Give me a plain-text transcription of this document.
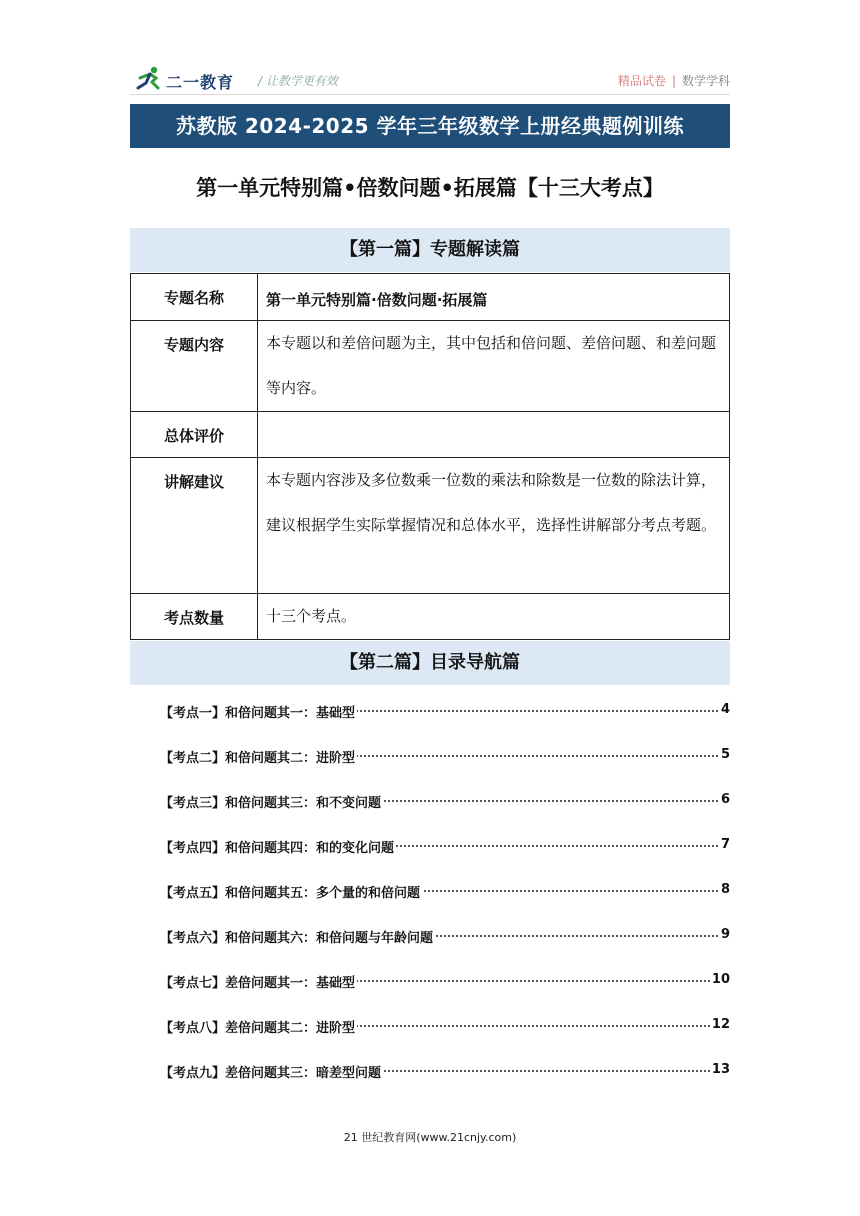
二一教育 / 让教学更有效	精品试卷 | 数学学科
苏教版 2024-2025 学年三年级数学上册经典题例训练
第一单元特别篇•倍数问题•拓展篇【十三大考点】
【第一篇】专题解读篇
专题名称	第一单元特别篇·倍数问题·拓展篇
专题内容	本专题以和差倍问题为主，其中包括和倍问题、差倍问题、和差问题等内容。
总体评价	
讲解建议	本专题内容涉及多位数乘一位数的乘法和除数是一位数的除法计算，建议根据学生实际掌握情况和总体水平，选择性讲解部分考点考题。
考点数量	十三个考点。
【第二篇】目录导航篇
【考点一】和倍问题其一：基础型	4
【考点二】和倍问题其二：进阶型	5
【考点三】和倍问题其三：和不变问题	6
【考点四】和倍问题其四：和的变化问题	7
【考点五】和倍问题其五：多个量的和倍问题	8
【考点六】和倍问题其六：和倍问题与年龄问题	9
【考点七】差倍问题其一：基础型	10
【考点八】差倍问题其二：进阶型	12
【考点九】差倍问题其三：暗差型问题	13
21 世纪教育网(www.21cnjy.com)
